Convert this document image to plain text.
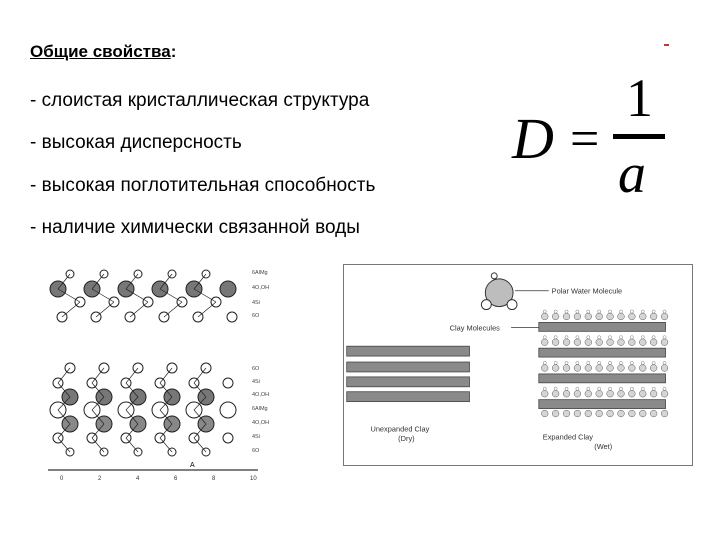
Общие свойства:
- слоистая кристаллическая структура
- высокая дисперсность
- высокая поглотительная способность
- наличие химически связанной воды
D =
1
a
A
0	2	4	6	8	10
6AlMg
4O,OH
4Si
6O
6O
4Si
4O,OH
6AlMg
4O,OH
4Si
6O
Polar Water Molecule
Clay Molecules
Unexpanded Clay
(Dry)	Expanded Clay
(Wet)
